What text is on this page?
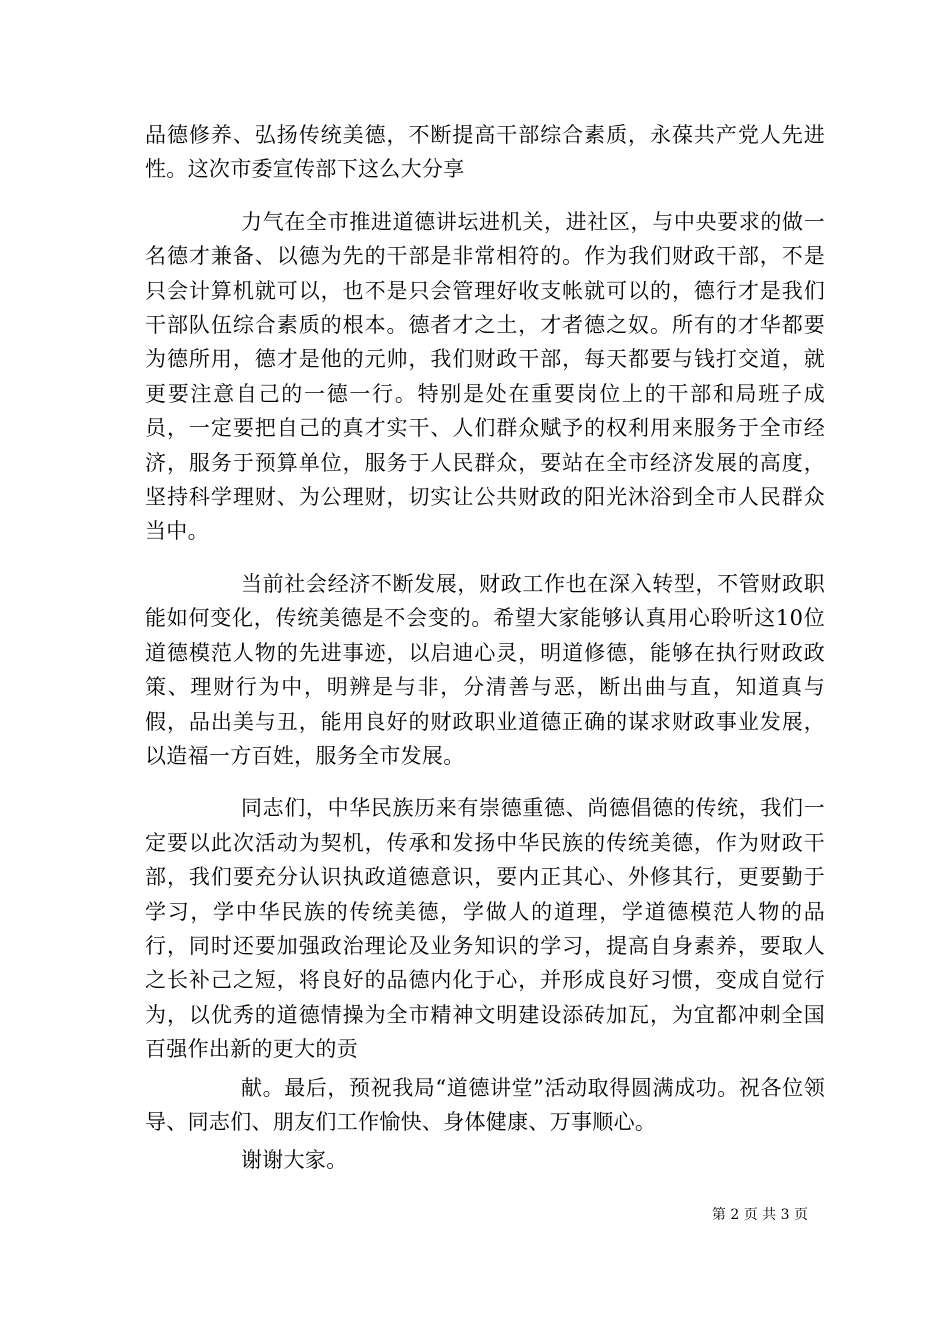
品德修养、弘扬传统美德，不断提高干部综合素质，永葆共产党人先进性。这次市委宣传部下这么大分享

力气在全市推进道德讲坛进机关，进社区，与中央要求的做一名德才兼备、以德为先的干部是非常相符的。作为我们财政干部，不是只会计算机就可以，也不是只会管理好收支帐就可以的，德行才是我们干部队伍综合素质的根本。德者才之土，才者德之奴。所有的才华都要为德所用，德才是他的元帅，我们财政干部，每天都要与钱打交道，就更要注意自己的一德一行。特别是处在重要岗位上的干部和局班子成员，一定要把自己的真才实干、人们群众赋予的权利用来服务于全市经济，服务于预算单位，服务于人民群众，要站在全市经济发展的高度，坚持科学理财、为公理财，切实让公共财政的阳光沐浴到全市人民群众当中。

当前社会经济不断发展，财政工作也在深入转型，不管财政职能如何变化，传统美德是不会变的。希望大家能够认真用心聆听这10位道德模范人物的先进事迹，以启迪心灵，明道修德，能够在执行财政政策、理财行为中，明辨是与非，分清善与恶，断出曲与直，知道真与假，品出美与丑，能用良好的财政职业道德正确的谋求财政事业发展，以造福一方百姓，服务全市发展。

同志们，中华民族历来有崇德重德、尚德倡德的传统，我们一定要以此次活动为契机，传承和发扬中华民族的传统美德，作为财政干部，我们要充分认识执政道德意识，要内正其心、外修其行，更要勤于学习，学中华民族的传统美德，学做人的道理，学道德模范人物的品行，同时还要加强政治理论及业务知识的学习，提高自身素养，要取人之长补己之短，将良好的品德内化于心，并形成良好习惯，变成自觉行为，以优秀的道德情操为全市精神文明建设添砖加瓦，为宜都冲刺全国百强作出新的更大的贡

献。最后，预祝我局“道德讲堂”活动取得圆满成功。祝各位领导、同志们、朋友们工作愉快、身体健康、万事顺心。

谢谢大家。

第 2 页 共 3 页
